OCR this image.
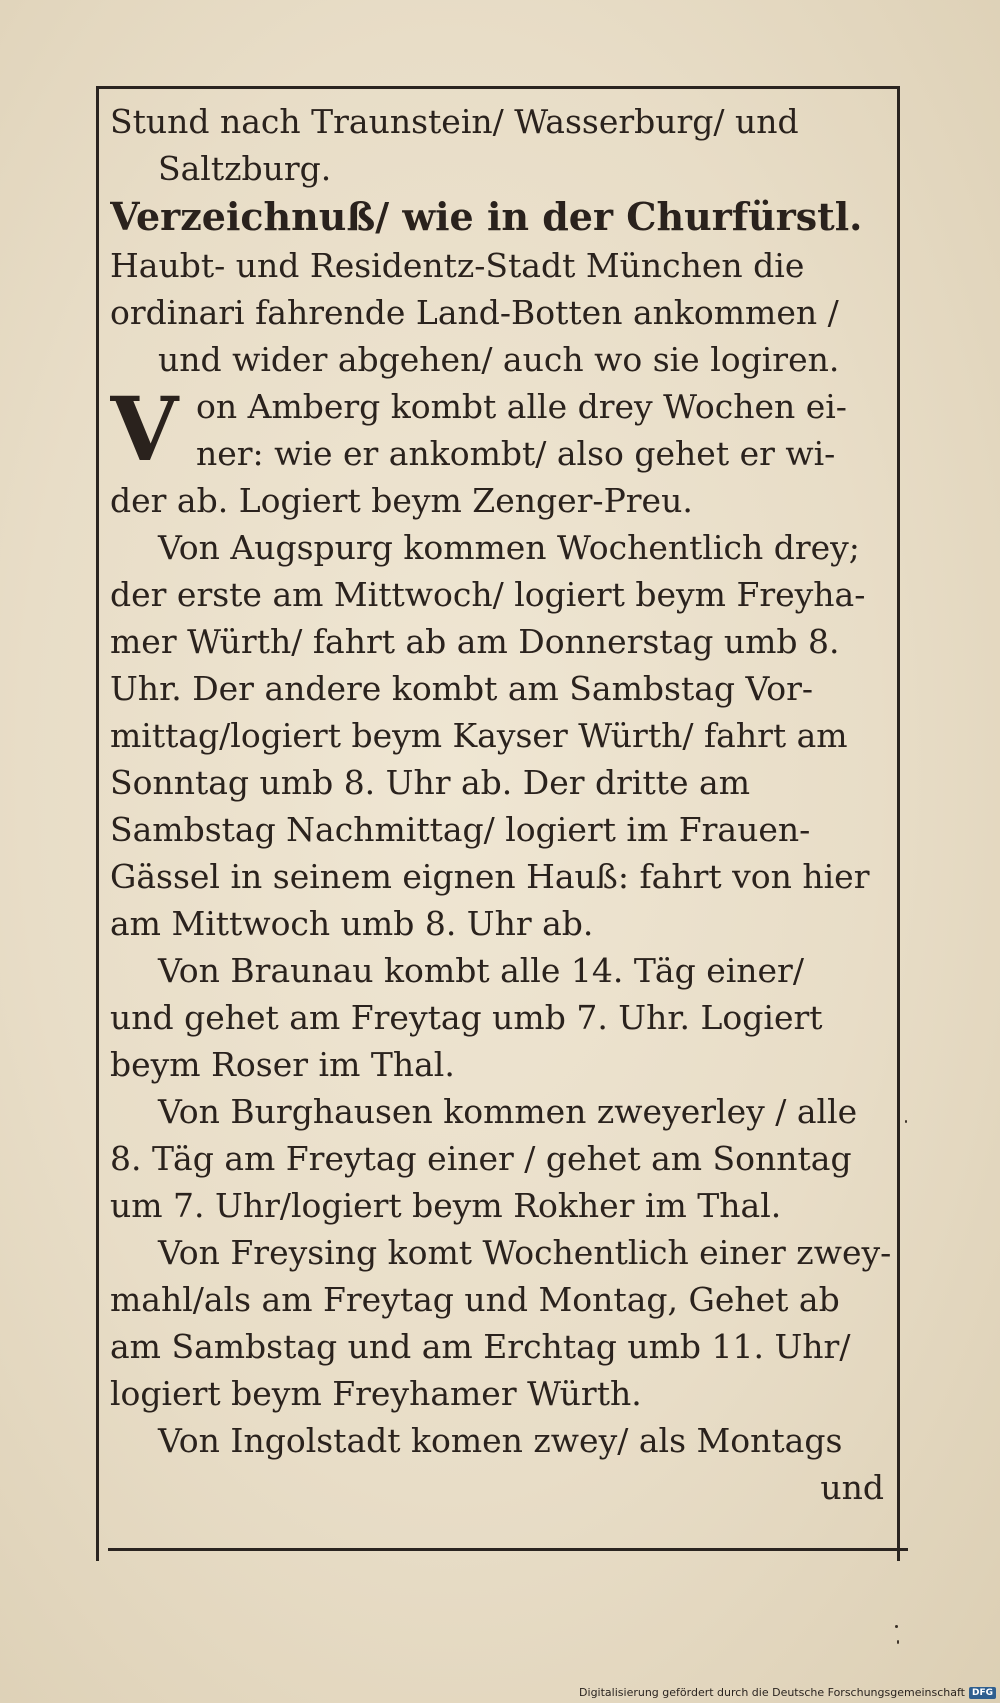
Stund nach Traunstein/ Wasserburg/ und
Saltzburg.
Verzeichnuß/ wie in der Churfürstl.
Haubt- und Residentz-Stadt München die
ordinari fahrende Land-Botten ankommen /
und wider abgehen/ auch wo sie logiren.
V on Amberg kombt alle drey Wochen ei-
ner: wie er ankombt/ also gehet er wi-
der ab. Logiert beym Zenger-Preu.
Von Augspurg kommen Wochentlich drey;
der erste am Mittwoch/ logiert beym Freyha-
mer Würth/ fahrt ab am Donnerstag umb 8.
Uhr. Der andere kombt am Sambstag Vor-
mittag/logiert beym Kayser Würth/ fahrt am
Sonntag umb 8. Uhr ab. Der dritte am
Sambstag Nachmittag/ logiert im Frauen-
Gässel in seinem eignen Hauß: fahrt von hier
am Mittwoch umb 8. Uhr ab.
Von Braunau kombt alle 14. Täg einer/
und gehet am Freytag umb 7. Uhr. Logiert
beym Roser im Thal.
Von Burghausen kommen zweyerley / alle
8. Täg am Freytag einer / gehet am Sonntag
um 7. Uhr/logiert beym Rokher im Thal.
Von Freysing komt Wochentlich einer zwey-
mahl/als am Freytag und Montag, Gehet ab
am Sambstag und am Erchtag umb 11. Uhr/
logiert beym Freyhamer Würth.
Von Ingolstadt komen zwey/ als Montags
und
Digitalisierung gefördert durch die Deutsche Forschungsgemeinschaft DFG
